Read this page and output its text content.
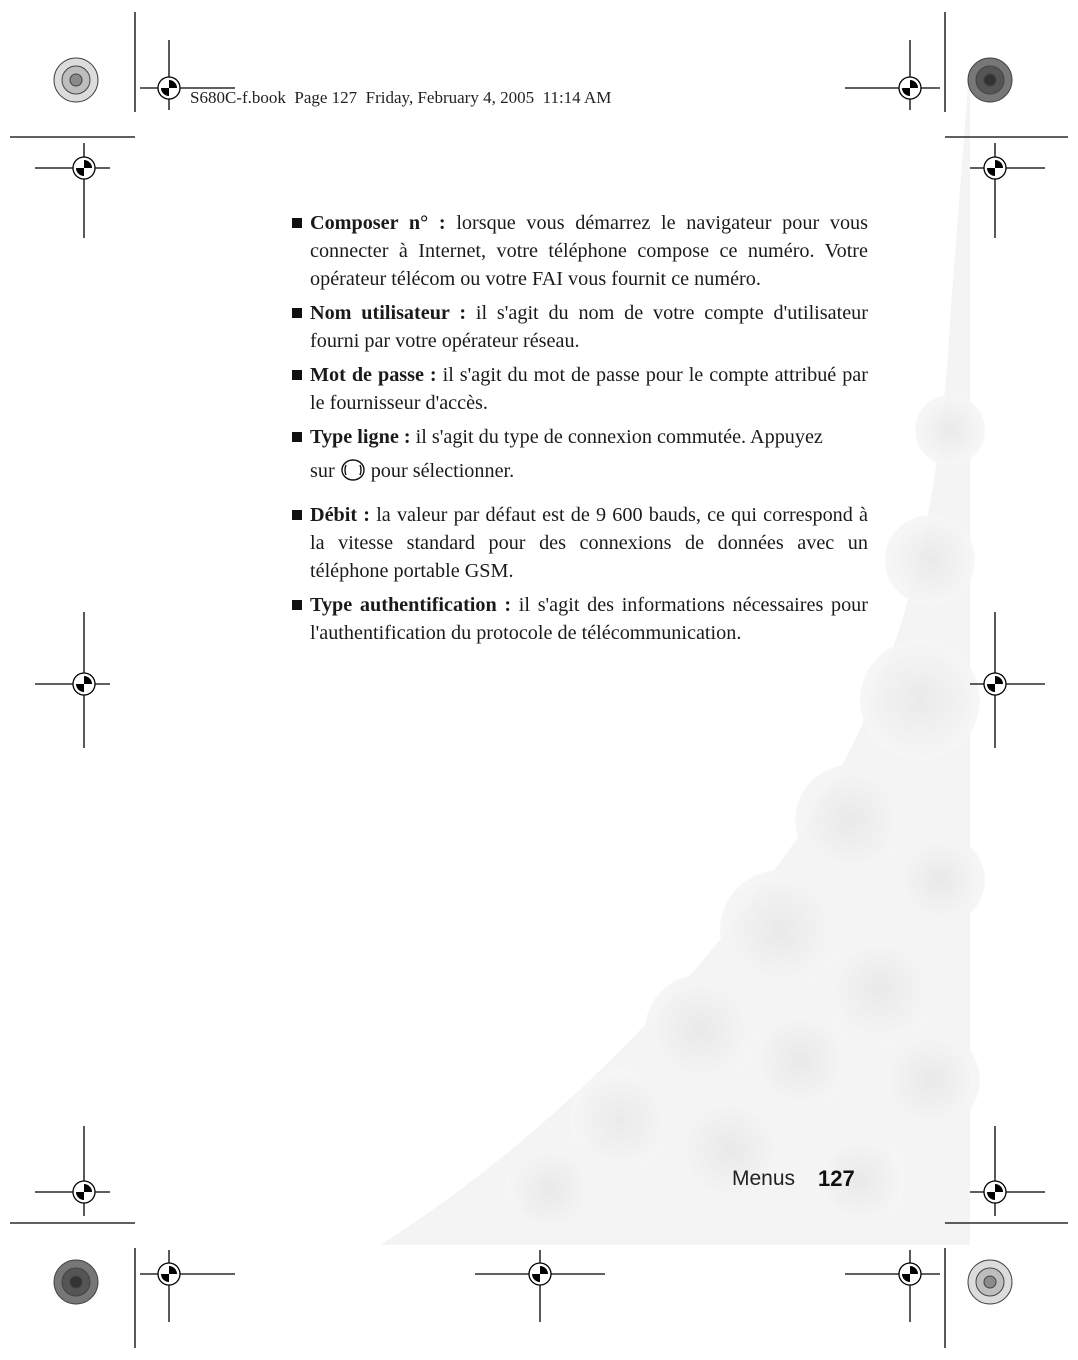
S680C-f.book Page 127 Friday, February 4, 2005 11:14 AM
Composer n° : lorsque vous démarrez le navigateur pour vous connecter à Internet, votre téléphone compose ce numéro. Votre opérateur télécom ou votre FAI vous fournit ce numéro.
Nom utilisateur : il s'agit du nom de votre compte d'utilisateur fourni par votre opérateur réseau.
Mot de passe : il s'agit du mot de passe pour le compte attribué par le fournisseur d'accès.
Type ligne : il s'agit du type de connexion commutée. Appuyez
sur pour sélectionner.
Débit : la valeur par défaut est de 9 600 bauds, ce qui correspond à la vitesse standard pour des connexions de données avec un téléphone portable GSM.
Type authentification : il s'agit des informations nécessaires pour l'authentification du protocole de télécommunication.
Menus 127
